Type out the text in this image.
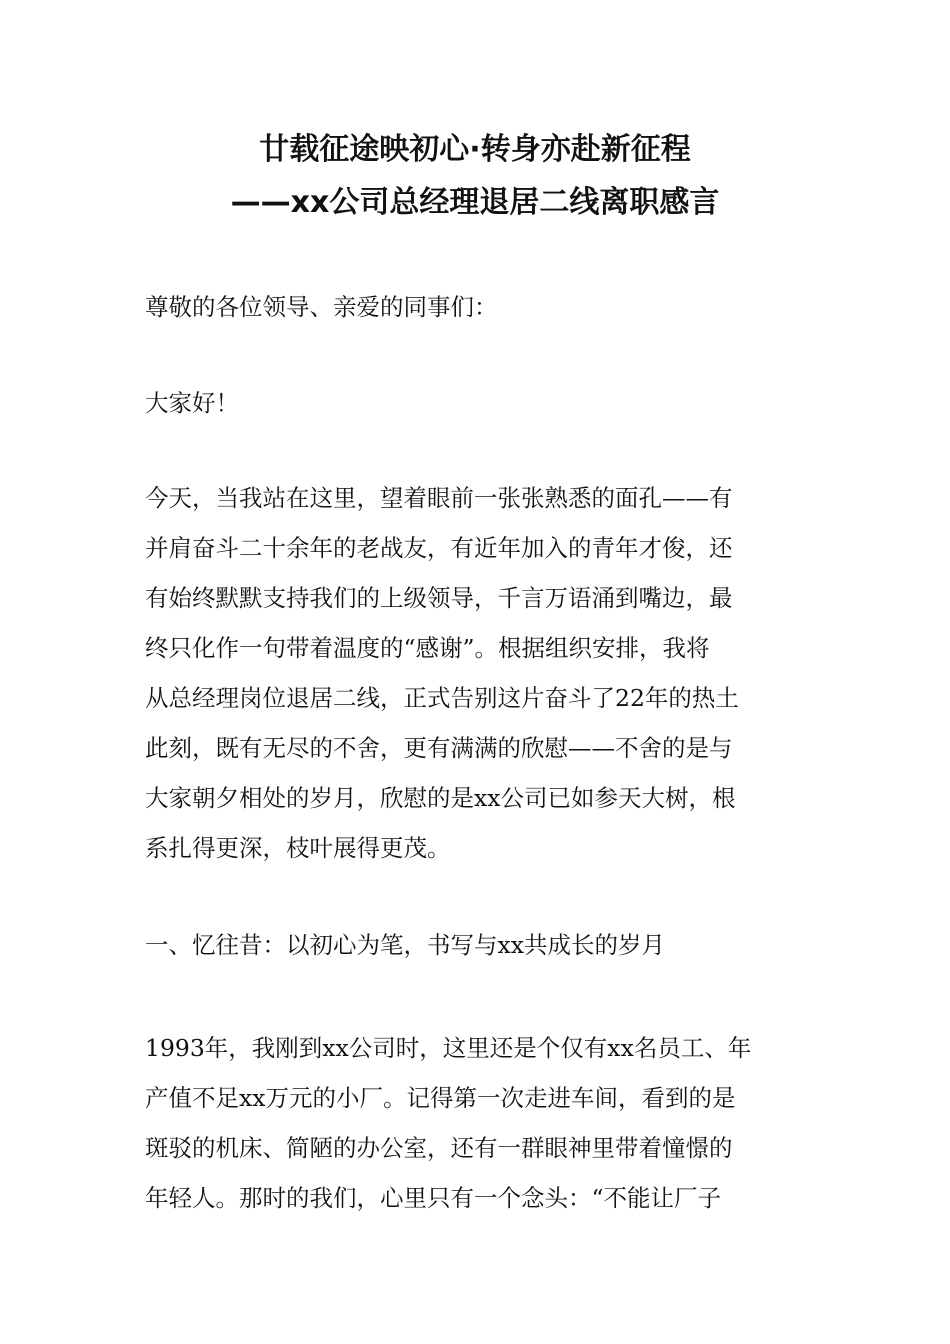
廿载征途映初心·转身亦赴新征程
——xx公司总经理退居二线离职感言
尊敬的各位领导、亲爱的同事们：
大家好！
今天，当我站在这里，望着眼前一张张熟悉的面孔——有
并肩奋斗二十余年的老战友，有近年加入的青年才俊，还
有始终默默支持我们的上级领导，千言万语涌到嘴边，最
终只化作一句带着温度的“感谢”。根据组织安排，我将
从总经理岗位退居二线，正式告别这片奋斗了22年的热土
此刻，既有无尽的不舍，更有满满的欣慰——不舍的是与
大家朝夕相处的岁月，欣慰的是xx公司已如参天大树，根
系扎得更深，枝叶展得更茂。
一、忆往昔：以初心为笔，书写与xx共成长的岁月
1993年，我刚到xx公司时，这里还是个仅有xx名员工、年
产值不足xx万元的小厂。记得第一次走进车间，看到的是
斑驳的机床、简陋的办公室，还有一群眼神里带着憧憬的
年轻人。那时的我们，心里只有一个念头：“不能让厂子
